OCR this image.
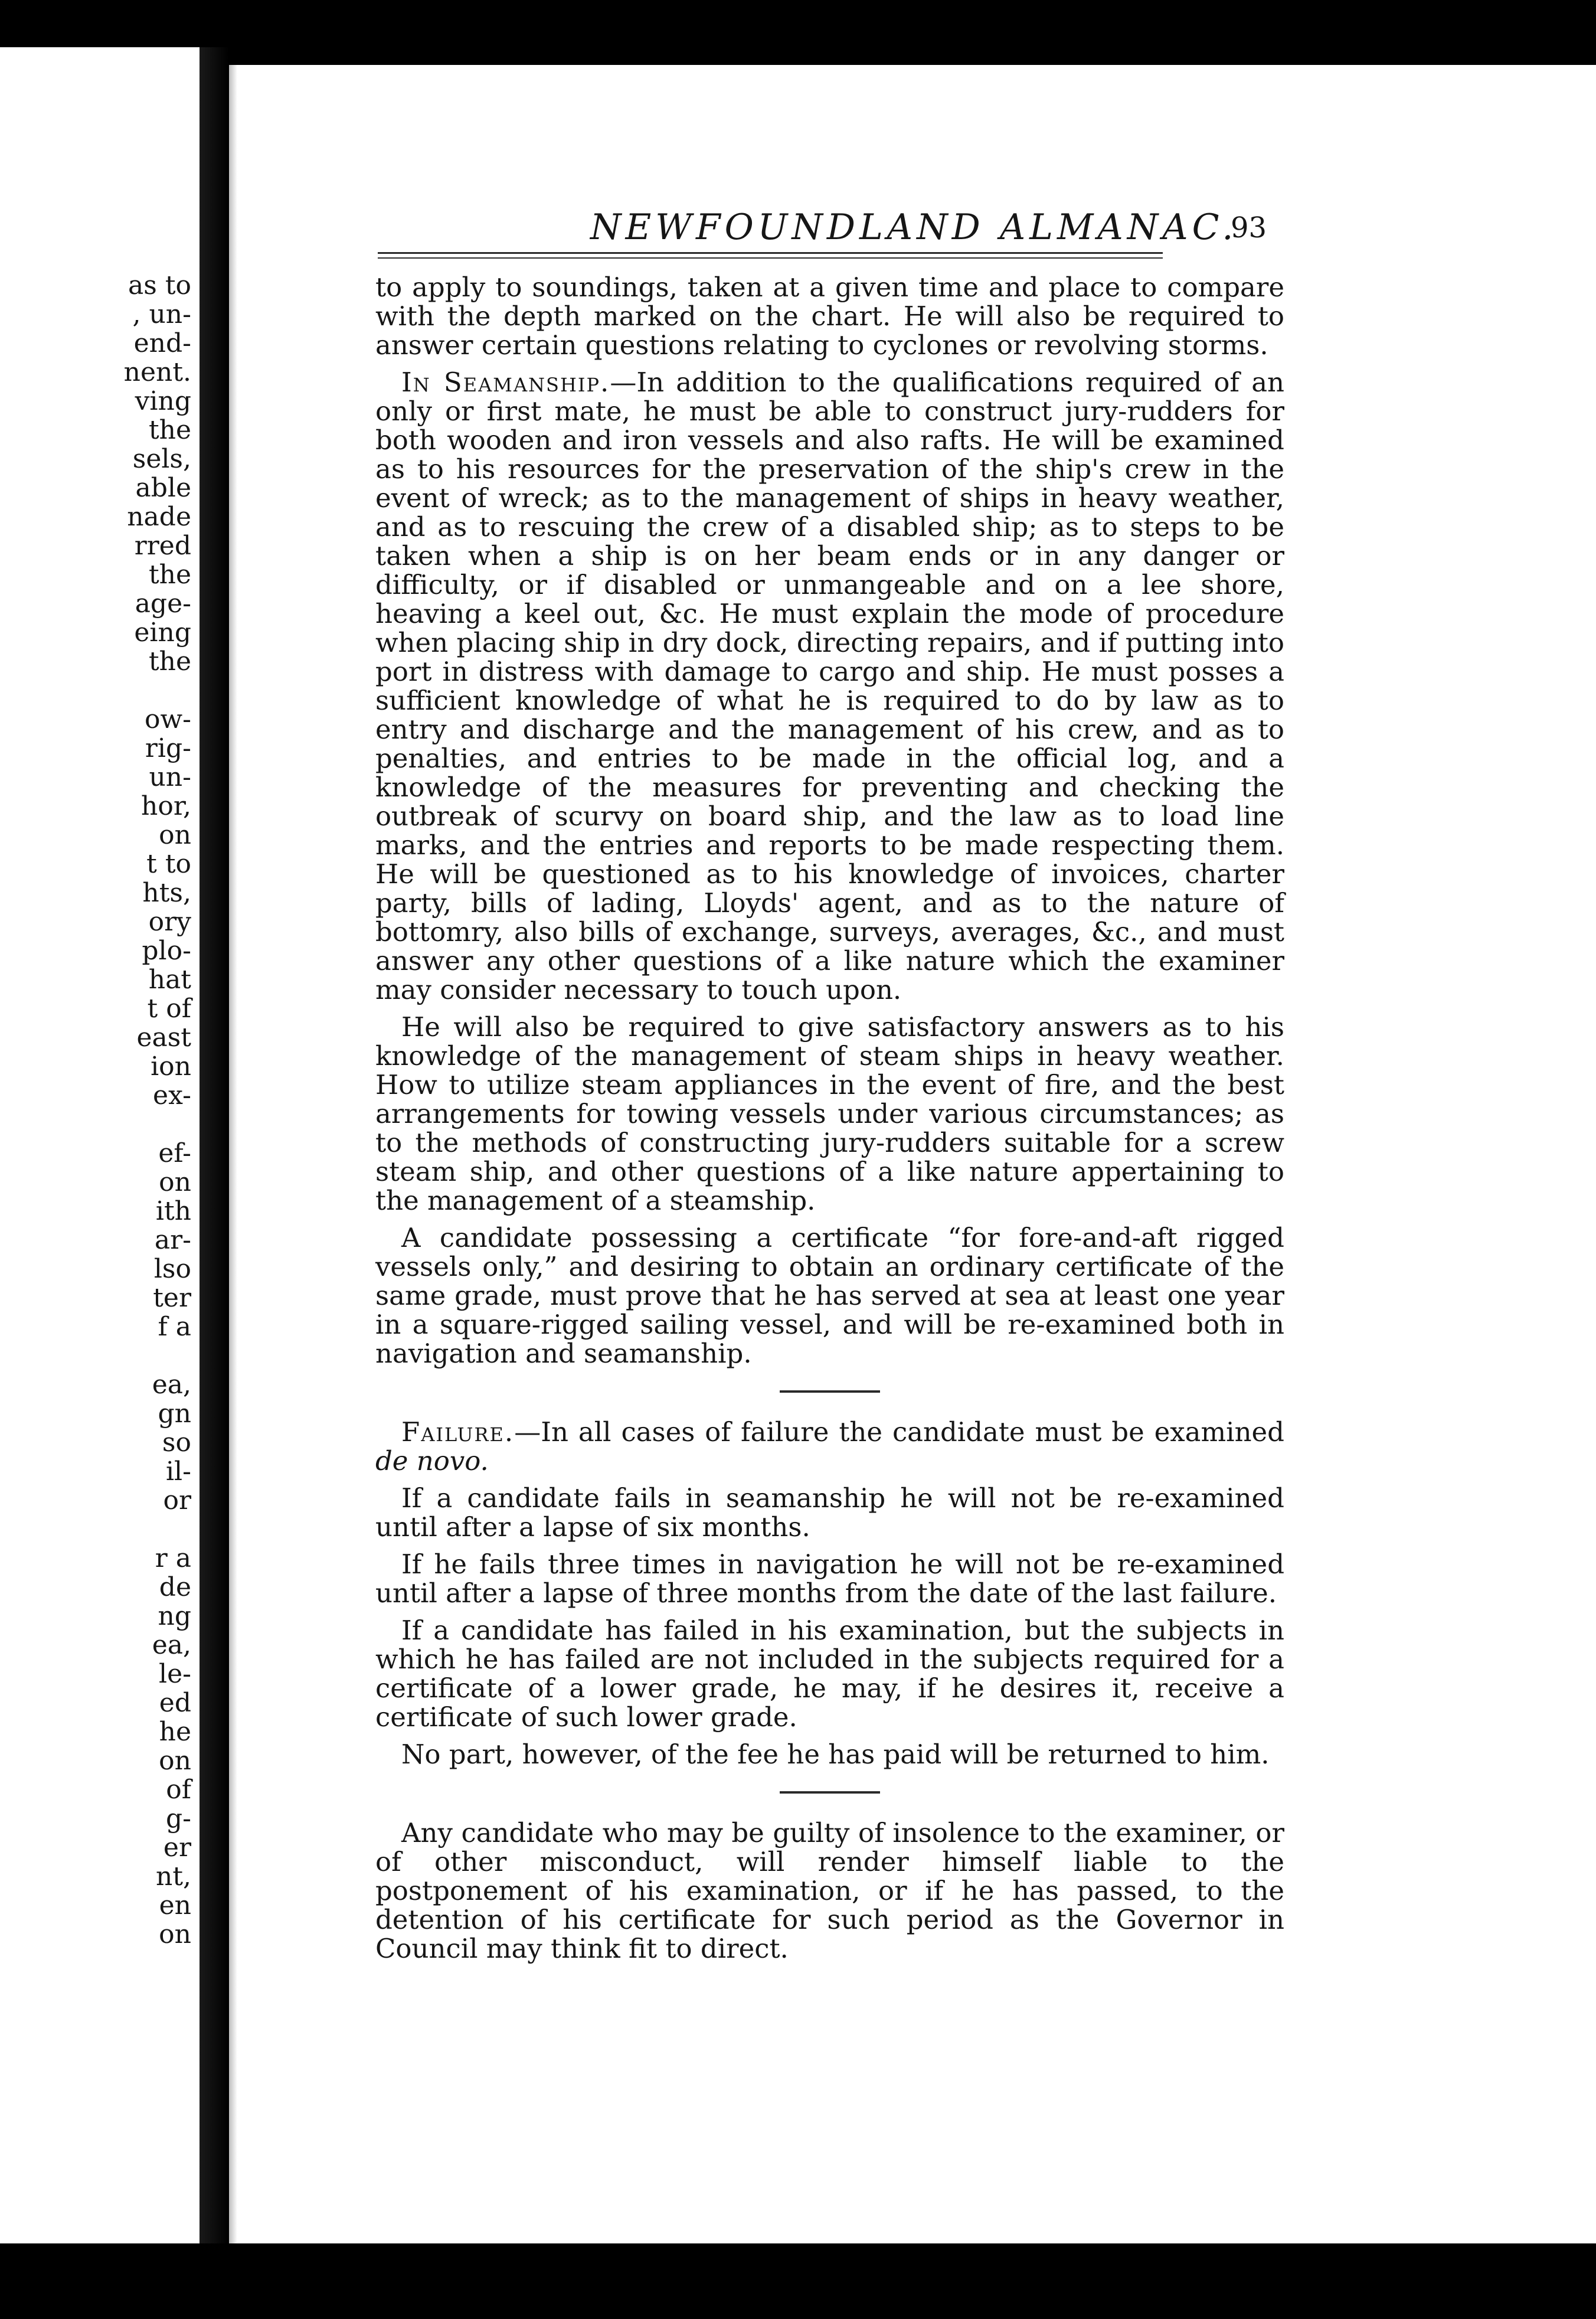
as to
, un-
end-
nent.
ving
the
sels,
able
nade
rred
the
age-
eing
the
ow-
rig-
un-
hor,
on
t to
hts,
ory
plo-
hat
t of
east
ion
ex-
ef-
on
ith
ar-
lso
ter
f a
ea,
gn
so
il-
or
r a
de
ng
ea,
le-
ed
he
on
of
g-
er
nt,
en
on
NEWFOUNDLAND ALMANAC.
93

to apply to soundings, taken at a given time and place to compare with the depth marked on the chart. He will also be required to answer certain questions relating to cyclones or revolving storms.

In Seamanship.—In addition to the qualifications required of an only or first mate, he must be able to construct jury-rudders for both wooden and iron vessels and also rafts. He will be examined as to his resources for the preservation of the ship's crew in the event of wreck; as to the management of ships in heavy weather, and as to rescuing the crew of a disabled ship; as to steps to be taken when a ship is on her beam ends or in any danger or difficulty, or if disabled or unmangeable and on a lee shore, heaving a keel out, &c. He must explain the mode of procedure when placing ship in dry dock, directing repairs, and if putting into port in distress with damage to cargo and ship. He must posses a sufficient knowledge of what he is required to do by law as to entry and discharge and the management of his crew, and as to penalties, and entries to be made in the official log, and a knowledge of the measures for preventing and checking the outbreak of scurvy on board ship, and the law as to load line marks, and the entries and reports to be made respecting them. He will be questioned as to his knowledge of invoices, charter party, bills of lading, Lloyds' agent, and as to the nature of bottomry, also bills of exchange, surveys, averages, &c., and must answer any other questions of a like nature which the examiner may consider necessary to touch upon.

He will also be required to give satisfactory answers as to his knowledge of the management of steam ships in heavy weather. How to utilize steam appliances in the event of fire, and the best arrangements for towing vessels under various circumstances; as to the methods of constructing jury-rudders suitable for a screw steam ship, and other questions of a like nature appertaining to the management of a steamship.

A candidate possessing a certificate “for fore-and-aft rigged vessels only,” and desiring to obtain an ordinary certificate of the same grade, must prove that he has served at sea at least one year in a square-rigged sailing vessel, and will be re-examined both in navigation and seamanship.

Failure.—In all cases of failure the candidate must be examined de novo.

If a candidate fails in seamanship he will not be re-examined until after a lapse of six months.

If he fails three times in navigation he will not be re-examined until after a lapse of three months from the date of the last failure.

If a candidate has failed in his examination, but the subjects in which he has failed are not included in the subjects required for a certificate of a lower grade, he may, if he desires it, receive a certificate of such lower grade.

No part, however, of the fee he has paid will be returned to him.

Any candidate who may be guilty of insolence to the examiner, or of other misconduct, will render himself liable to the postponement of his examination, or if he has passed, to the detention of his certificate for such period as the Governor in Council may think fit to direct.
